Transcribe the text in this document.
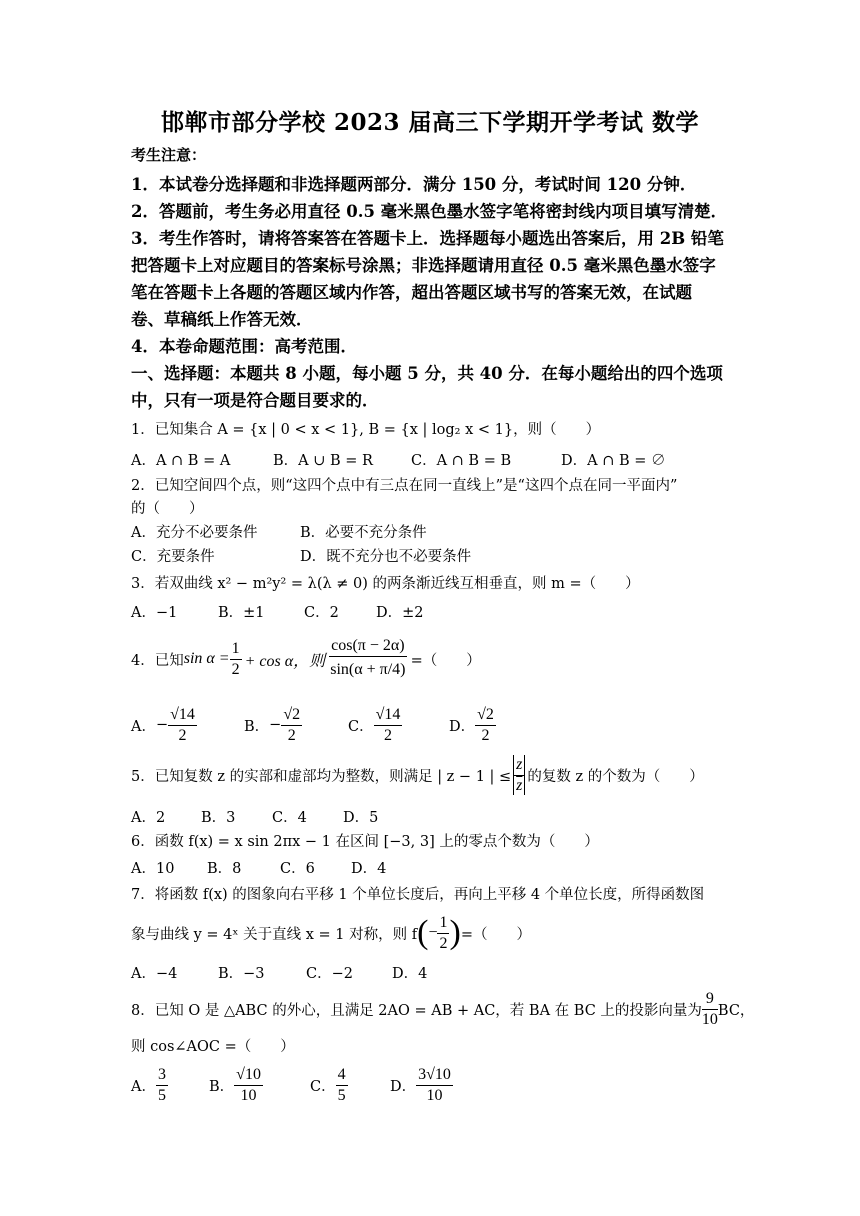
邯郸市部分学校 2023 届高三下学期开学考试 数学
考生注意：
1．本试卷分选择题和非选择题两部分．满分 150 分，考试时间 120 分钟．
2．答题前，考生务必用直径 0.5 毫米黑色墨水签字笔将密封线内项目填写清楚．
3．考生作答时，请将答案答在答题卡上．选择题每小题选出答案后，用 2B 铅笔
把答题卡上对应题目的答案标号涂黑；非选择题请用直径 0.5 毫米黑色墨水签字
笔在答题卡上各题的答题区域内作答，超出答题区域书写的答案无效，在试题
卷、草稿纸上作答无效．
4．本卷命题范围：高考范围．
一、选择题：本题共 8 小题，每小题 5 分，共 40 分．在每小题给出的四个选项
中，只有一项是符合题目要求的．
1．已知集合 A = {x | 0 < x < 1}, B = {x | log₂ x < 1}，则（　　）
A．A ∩ B = A	B．A ∪ B = R	C．A ∩ B = B	D．A ∩ B = ∅
2．已知空间四个点，则“这四个点中有三点在同一直线上”是“这四个点在同一平面内”
的（　　）
A．充分不必要条件	B．必要不充分条件
C．充要条件	D．既不充分也不必要条件
3．若双曲线 x² − m²y² = λ(λ ≠ 0) 的两条渐近线互相垂直，则 m =（　　）
A．−1	B．±1	C．2	D．±2
4．已知 $\sin \alpha = \frac{1}{2} + \cos \alpha$，则 $\frac{\cos(\pi - 2\alpha)}{\sin(\alpha + \pi/4)}$ =（　　）
A． − $\frac{√14}{2}$	B． − $\frac{√2}{2}$	C． $\frac{√14}{2}$	D． $\frac{√2}{2}$
5．已知复数 z 的实部和虚部均为整数，则满足 | z − 1 | ≤ $\frac{z}{z}$ 的复数 z 的个数为（　　）
A．2 B．3	C．4 D．5
6．函数 f(x) = x sin 2πx − 1 在区间 [−3, 3] 上的零点个数为（　　）
A．10 B．8	C．6 D．4
7．将函数 f(x) 的图象向右平移 1 个单位长度后，再向上平移 4 个单位长度，所得函数图
象与曲线 y = 4ˣ 关于直线 x = 1 对称，则 f ( − $\frac{1}{2}$ ) =（　　）
A．−4	B．−3	C．−2	D．4
8．已知 O 是 △ABC 的外心，且满足 2AO = AB + AC，若 BA 在 BC 上的投影向量为 $\frac{9}{10}$ BC，
则 cos∠AOC =（　　）
A． $\frac{3}{5}$	B． $\frac{√10}{10}$	C． $\frac{4}{5}$	D． $\frac{3√10}{10}$
